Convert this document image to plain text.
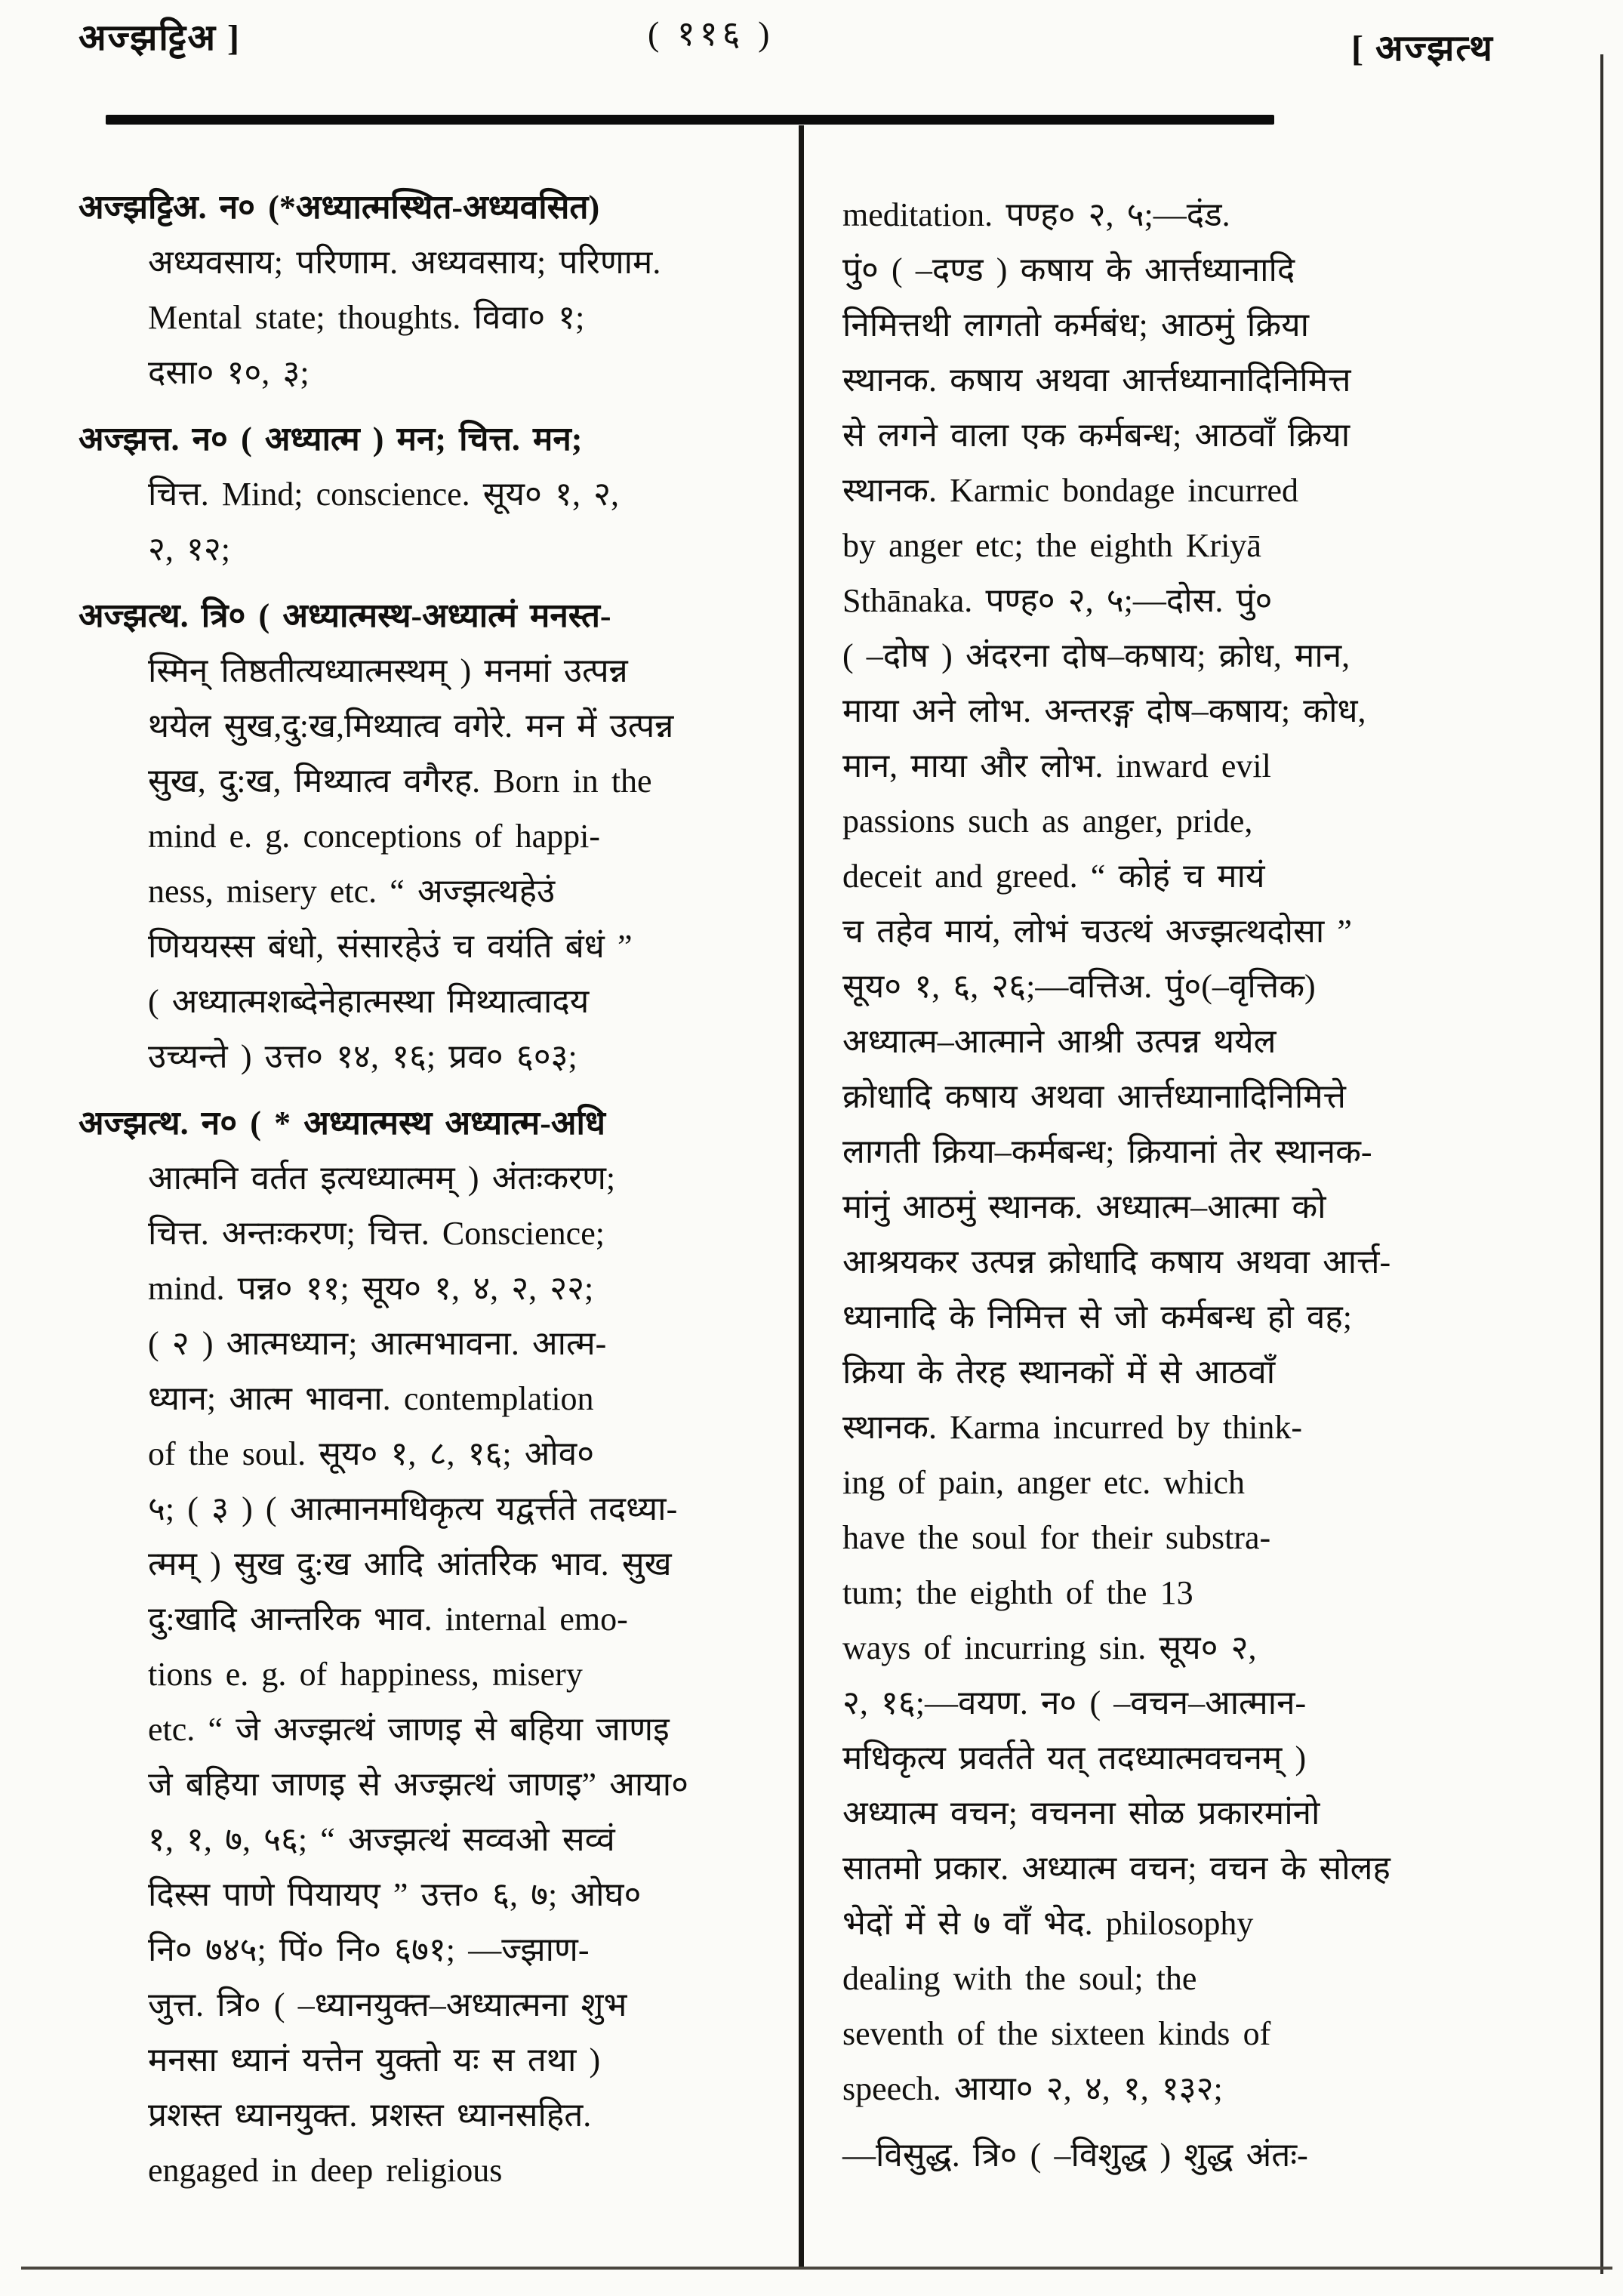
अज्झट्टिअ ]	( ११६ )	[ अज्झत्थ
अज्झट्टिअ. न० (*अध्यात्मस्थित-अध्यवसित)
अध्यवसाय; परिणाम. अध्यवसाय; परिणाम.
Mental state; thoughts. विवा० १;
दसा० १०, ३;
अज्झत्त. न० ( अध्यात्म ) मन; चित्त. मन;
चित्त. Mind; conscience. सूय० १, २,
२, १२;
अज्झत्थ. त्रि० ( अध्यात्मस्थ-अध्यात्मं मनस्त-
स्मिन् तिष्ठतीत्यध्यात्मस्थम् ) मनमां उत्पन्न
थयेल सुख,दु:ख,मिथ्यात्व वगेरे. मन में उत्पन्न
सुख, दु:ख, मिथ्यात्व वगैरह. Born in the
mind e. g. conceptions of happi-
ness, misery etc. “ अज्झत्थहेउं
णिययस्स बंधो, संसारहेउं च वयंति बंधं ”
( अध्यात्मशब्देनेहात्मस्था मिथ्यात्वादय
उच्यन्ते ) उत्त० १४, १६; प्रव० ६०३;
अज्झत्थ. न० ( * अध्यात्मस्थ अध्यात्म-अधि
आत्मनि वर्तत इत्यध्यात्मम् ) अंतःकरण;
चित्त. अन्तःकरण; चित्त. Conscience;
mind. पन्न० ११; सूय० १, ४, २, २२;
( २ ) आत्मध्यान; आत्मभावना. आत्म-
ध्यान; आत्म भावना. contemplation
of the soul. सूय० १, ८, १६; ओव०
५; ( ३ ) ( आत्मानमधिकृत्य यद्वर्त्तते तदध्या-
त्मम् ) सुख दु:ख आदि आंतरिक भाव. सुख
दु:खादि आन्तरिक भाव. internal emo-
tions e. g. of happiness, misery
etc. “ जे अज्झत्थं जाणइ से बहिया जाणइ
जे बहिया जाणइ से अज्झत्थं जाणइ” आया०
१, १, ७, ५६; “ अज्झत्थं सव्वओ सव्वं
दिस्स पाणे पियायए ” उत्त० ६, ७; ओघ०
नि० ७४५; पिं० नि० ६७१; —ज्झाण-
जुत्त. त्रि० ( –ध्यानयुक्त–अध्यात्मना शुभ
मनसा ध्यानं यत्तेन युक्तो यः स तथा )
प्रशस्त ध्यानयुक्त. प्रशस्त ध्यानसहित.
engaged in deep religious
meditation. पण्ह० २, ५;—दंड.
पुं० ( –दण्ड ) कषाय के आर्त्तध्यानादि
निमित्तथी लागतो कर्मबंध; आठमुं क्रिया
स्थानक. कषाय अथवा आर्त्तध्यानादिनिमित्त
से लगने वाला एक कर्मबन्ध; आठवाँ क्रिया
स्थानक. Karmic bondage incurred
by anger etc; the eighth Kriyā
Sthānaka. पण्ह० २, ५;—दोस. पुं०
( –दोष ) अंदरना दोष–कषाय; क्रोध, मान,
माया अने लोभ. अन्तरङ्ग दोष–कषाय; कोध,
मान, माया और लोभ. inward evil
passions such as anger, pride,
deceit and greed. “ कोहं च मायं
च तहेव मायं, लोभं चउत्थं अज्झत्थदोसा ”
सूय० १, ६, २६;—वत्तिअ. पुं०(–वृत्तिक)
अध्यात्म–आत्माने आश्री उत्पन्न थयेल
क्रोधादि कषाय अथवा आर्त्तध्यानादिनिमित्ते
लागती क्रिया–कर्मबन्ध; क्रियानां तेर स्थानक-
मांनुं आठमुं स्थानक. अध्यात्म–आत्मा को
आश्रयकर उत्पन्न क्रोधादि कषाय अथवा आर्त्त-
ध्यानादि के निमित्त से जो कर्मबन्ध हो वह;
क्रिया के तेरह स्थानकों में से आठवाँ
स्थानक. Karma incurred by think-
ing of pain, anger etc. which
have the soul for their substra-
tum; the eighth of the 13
ways of incurring sin. सूय० २,
२, १६;—वयण. न० ( –वचन–आत्मान-
मधिकृत्य प्रवर्तते यत् तदध्यात्मवचनम् )
अध्यात्म वचन; वचनना सोळ प्रकारमांनो
सातमो प्रकार. अध्यात्म वचन; वचन के सोलह
भेदों में से ७ वाँ भेद. philosophy
dealing with the soul; the
seventh of the sixteen kinds of
speech. आया० २, ४, १, १३२;
—विसुद्ध. त्रि० ( –विशुद्ध ) शुद्ध अंतः-
